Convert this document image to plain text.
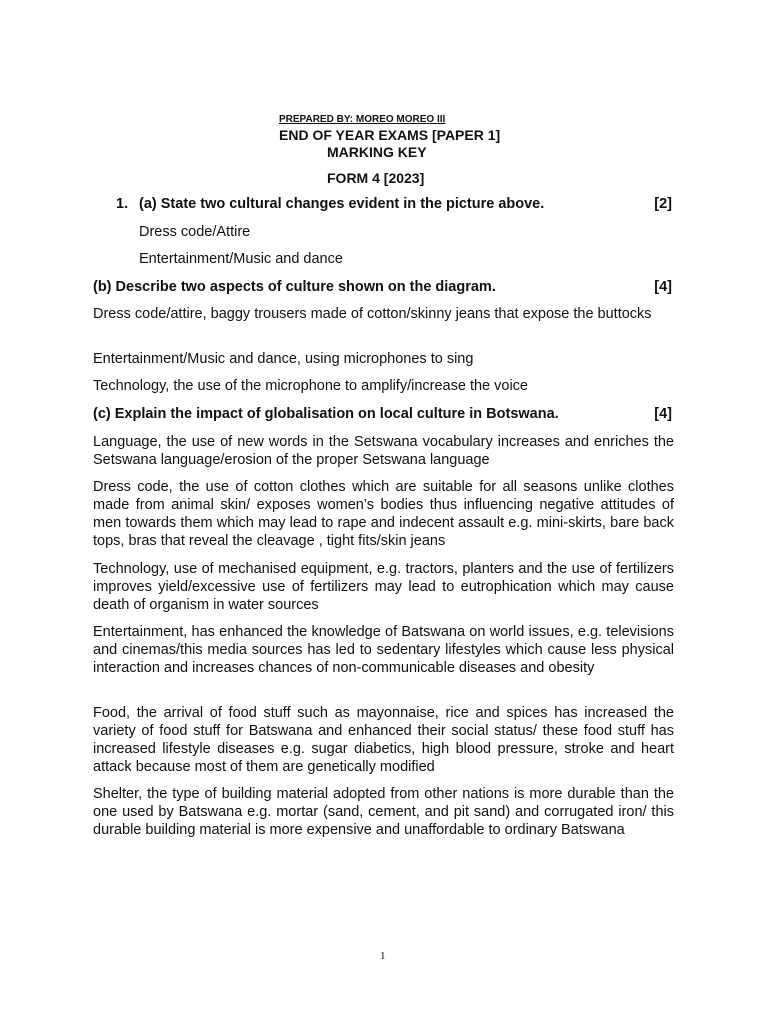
PREPARED BY: MOREO MOREO III
END OF YEAR EXAMS [PAPER 1]
MARKING KEY
FORM 4 [2023]
1. (a) State two cultural changes evident in the picture above.	[2]
Dress code/Attire
Entertainment/Music and dance
(b) Describe two aspects of culture shown on the diagram.	[4]
Dress code/attire, baggy trousers made of cotton/skinny jeans that expose the buttocks
Entertainment/Music and dance, using microphones to sing
Technology, the use of the microphone to amplify/increase the voice
(c) Explain the impact of globalisation on local culture in Botswana.	[4]
Language, the use of new words in the Setswana vocabulary increases and enriches the Setswana language/erosion of the proper Setswana language
Dress code, the use of cotton clothes which are suitable for all seasons unlike clothes made from animal skin/ exposes women’s bodies thus influencing negative attitudes of men towards them which may lead to rape and indecent assault e.g. mini-skirts, bare back tops, bras that reveal the cleavage , tight fits/skin jeans
Technology, use of mechanised equipment, e.g. tractors, planters and the use of fertilizers improves yield/excessive use of fertilizers may lead to eutrophication which may cause death of organism in water sources
Entertainment, has enhanced the knowledge of Batswana on world issues, e.g. televisions and cinemas/this media sources has led to sedentary lifestyles which cause less physical interaction and increases chances of non-communicable diseases and obesity
Food, the arrival of food stuff such as mayonnaise, rice and spices has increased the variety of food stuff for Batswana and enhanced their social status/ these food stuff has increased lifestyle diseases e.g. sugar diabetics, high blood pressure, stroke and heart attack because most of them are genetically modified
Shelter, the type of building material adopted from other nations is more durable than the one used by Batswana e.g. mortar (sand, cement, and pit sand) and corrugated iron/ this durable building material is more expensive and unaffordable to ordinary Batswana
1
